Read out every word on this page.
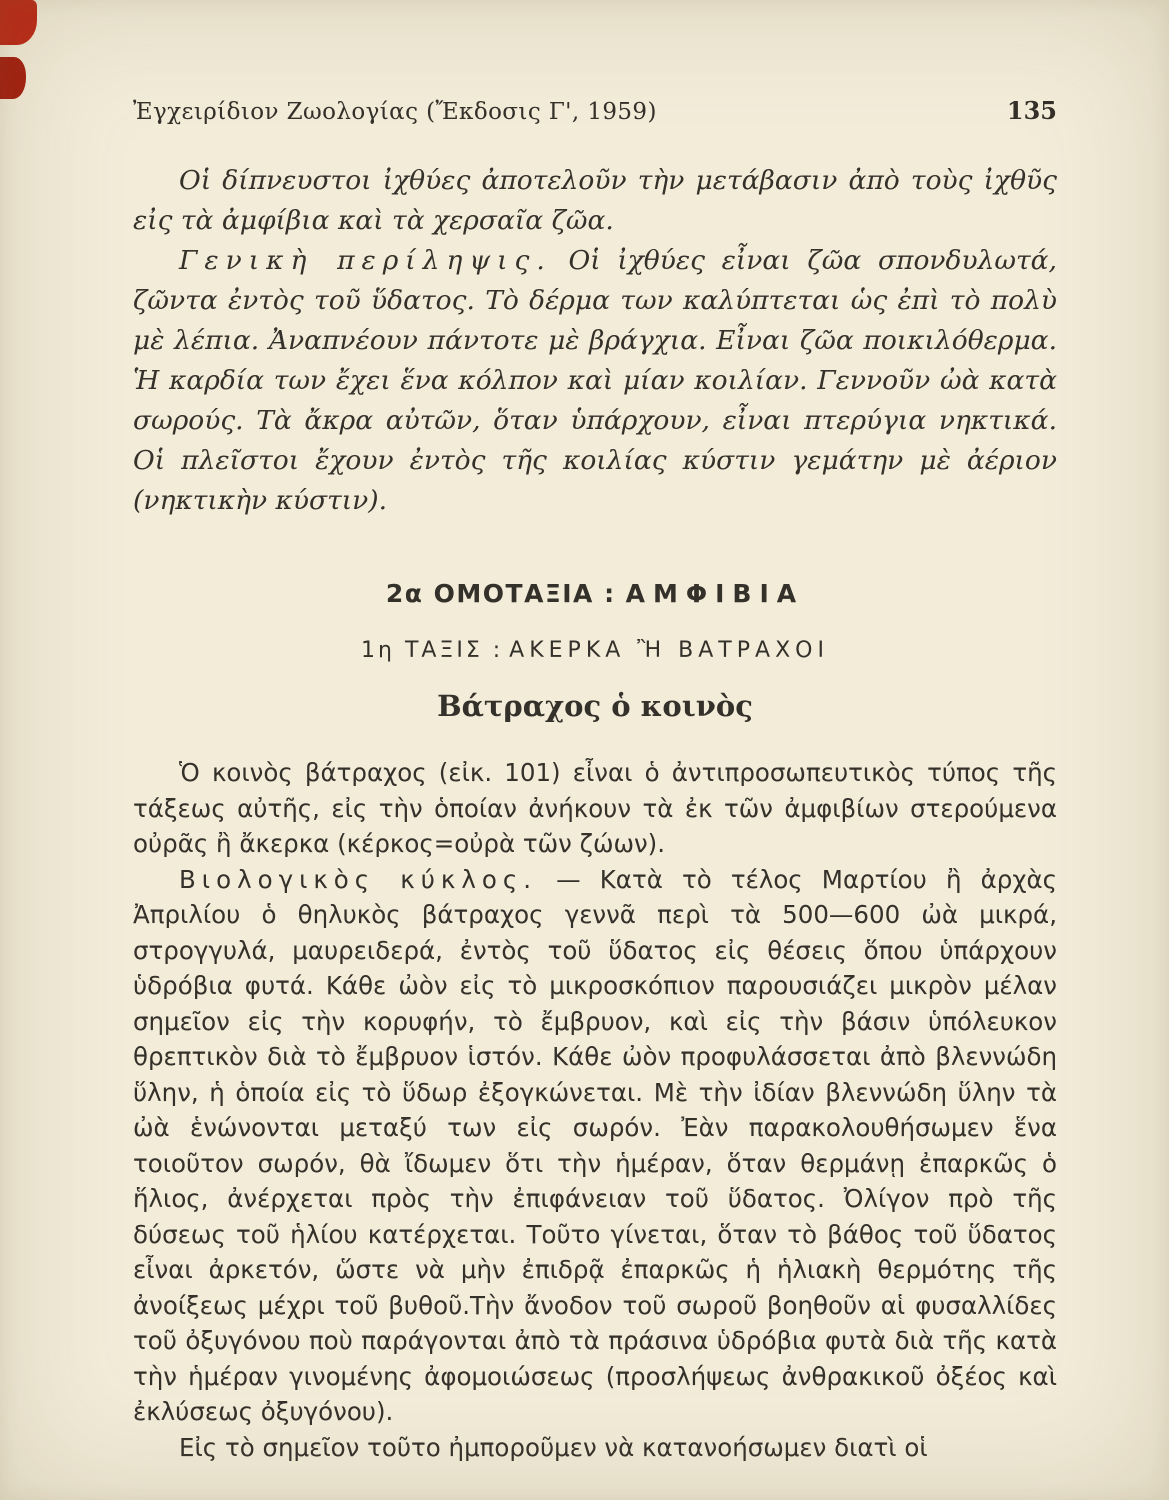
Ἐγχειρίδιον Ζωολογίας (Ἔκδοσις Γ', 1959)	135

Οἱ δίπνευστοι ἰχθύες ἀποτελοῦν τὴν μετάβασιν ἀπὸ τοὺς ἰχθῦς εἰς τὰ ἀμφίβια καὶ τὰ χερσαῖα ζῶα.

Γενικὴ περίληψις. Οἱ ἰχθύες εἶναι ζῶα σπονδυλωτά, ζῶντα ἐντὸς τοῦ ὕδατος. Τὸ δέρμα των καλύπτεται ὡς ἐπὶ τὸ πολὺ μὲ λέπια. Ἀναπνέουν πάντοτε μὲ βράγχια. Εἶναι ζῶα ποικιλόθερμα. Ἡ καρδία των ἔχει ἕνα κόλπον καὶ μίαν κοιλίαν. Γεννοῦν ὠὰ κατὰ σωρούς. Τὰ ἄκρα αὐτῶν, ὅταν ὑπάρχουν, εἶναι πτερύγια νηκτικά. Οἱ πλεῖστοι ἔχουν ἐντὸς τῆς κοιλίας κύστιν γεμάτην μὲ ἀέριον (νηκτικὴν κύστιν).

2α ΟΜΟΤΑΞΙΑ : ΑΜΦΙΒΙΑ
1η ΤΑΞΙΣ : ΑΚΕΡΚΑ Ἢ ΒΑΤΡΑΧΟΙ
Βάτραχος ὁ κοινὸς

Ὁ κοινὸς βάτραχος (εἰκ. 101) εἶναι ὁ ἀντιπροσωπευτικὸς τύπος τῆς τάξεως αὐτῆς, εἰς τὴν ὁποίαν ἀνήκουν τὰ ἐκ τῶν ἀμφιβίων στερούμενα οὐρᾶς ἢ ἄκερκα (κέρκος=οὐρὰ τῶν ζώων).

Βιολογικὸς κύκλος. — Κατὰ τὸ τέλος Μαρτίου ἢ ἀρχὰς Ἀπριλίου ὁ θηλυκὸς βάτραχος γεννᾶ περὶ τὰ 500—600 ὠὰ μικρά, στρογγυλά, μαυρειδερά, ἐντὸς τοῦ ὕδατος εἰς θέσεις ὅπου ὑπάρχουν ὑδρόβια φυτά. Κάθε ὠὸν εἰς τὸ μικροσκόπιον παρουσιάζει μικρὸν μέλαν σημεῖον εἰς τὴν κορυφήν, τὸ ἔμβρυον, καὶ εἰς τὴν βάσιν ὑπόλευκον θρεπτικὸν διὰ τὸ ἔμβρυον ἱστόν. Κάθε ὠὸν προφυλάσσεται ἀπὸ βλεννώδη ὕλην, ἡ ὁποία εἰς τὸ ὕδωρ ἐξογκώνεται. Μὲ τὴν ἰδίαν βλεννώδη ὕλην τὰ ὠὰ ἑνώνονται μεταξύ των εἰς σωρόν. Ἐὰν παρακολουθήσωμεν ἕνα τοιοῦτον σωρόν, θὰ ἴδωμεν ὅτι τὴν ἡμέραν, ὅταν θερμάνῃ ἐπαρκῶς ὁ ἥλιος, ἀνέρχεται πρὸς τὴν ἐπιφάνειαν τοῦ ὕδατος. Ὀλίγον πρὸ τῆς δύσεως τοῦ ἡλίου κατέρχεται. Τοῦτο γίνεται, ὅταν τὸ βάθος τοῦ ὕδατος εἶναι ἀρκετόν, ὥστε νὰ μὴν ἐπιδρᾷ ἐπαρκῶς ἡ ἡλιακὴ θερμότης τῆς ἀνοίξεως μέχρι τοῦ βυθοῦ.Τὴν ἄνοδον τοῦ σωροῦ βοηθοῦν αἱ φυσαλλίδες τοῦ ὀξυγόνου ποὺ παράγονται ἀπὸ τὰ πράσινα ὑδρόβια φυτὰ διὰ τῆς κατὰ τὴν ἡμέραν γινομένης ἀφομοιώσεως (προσλήψεως ἀνθρακικοῦ ὀξέος καὶ ἐκλύσεως ὀξυγόνου).

Εἰς τὸ σημεῖον τοῦτο ἠμποροῦμεν νὰ κατανοήσωμεν διατὶ οἱ
